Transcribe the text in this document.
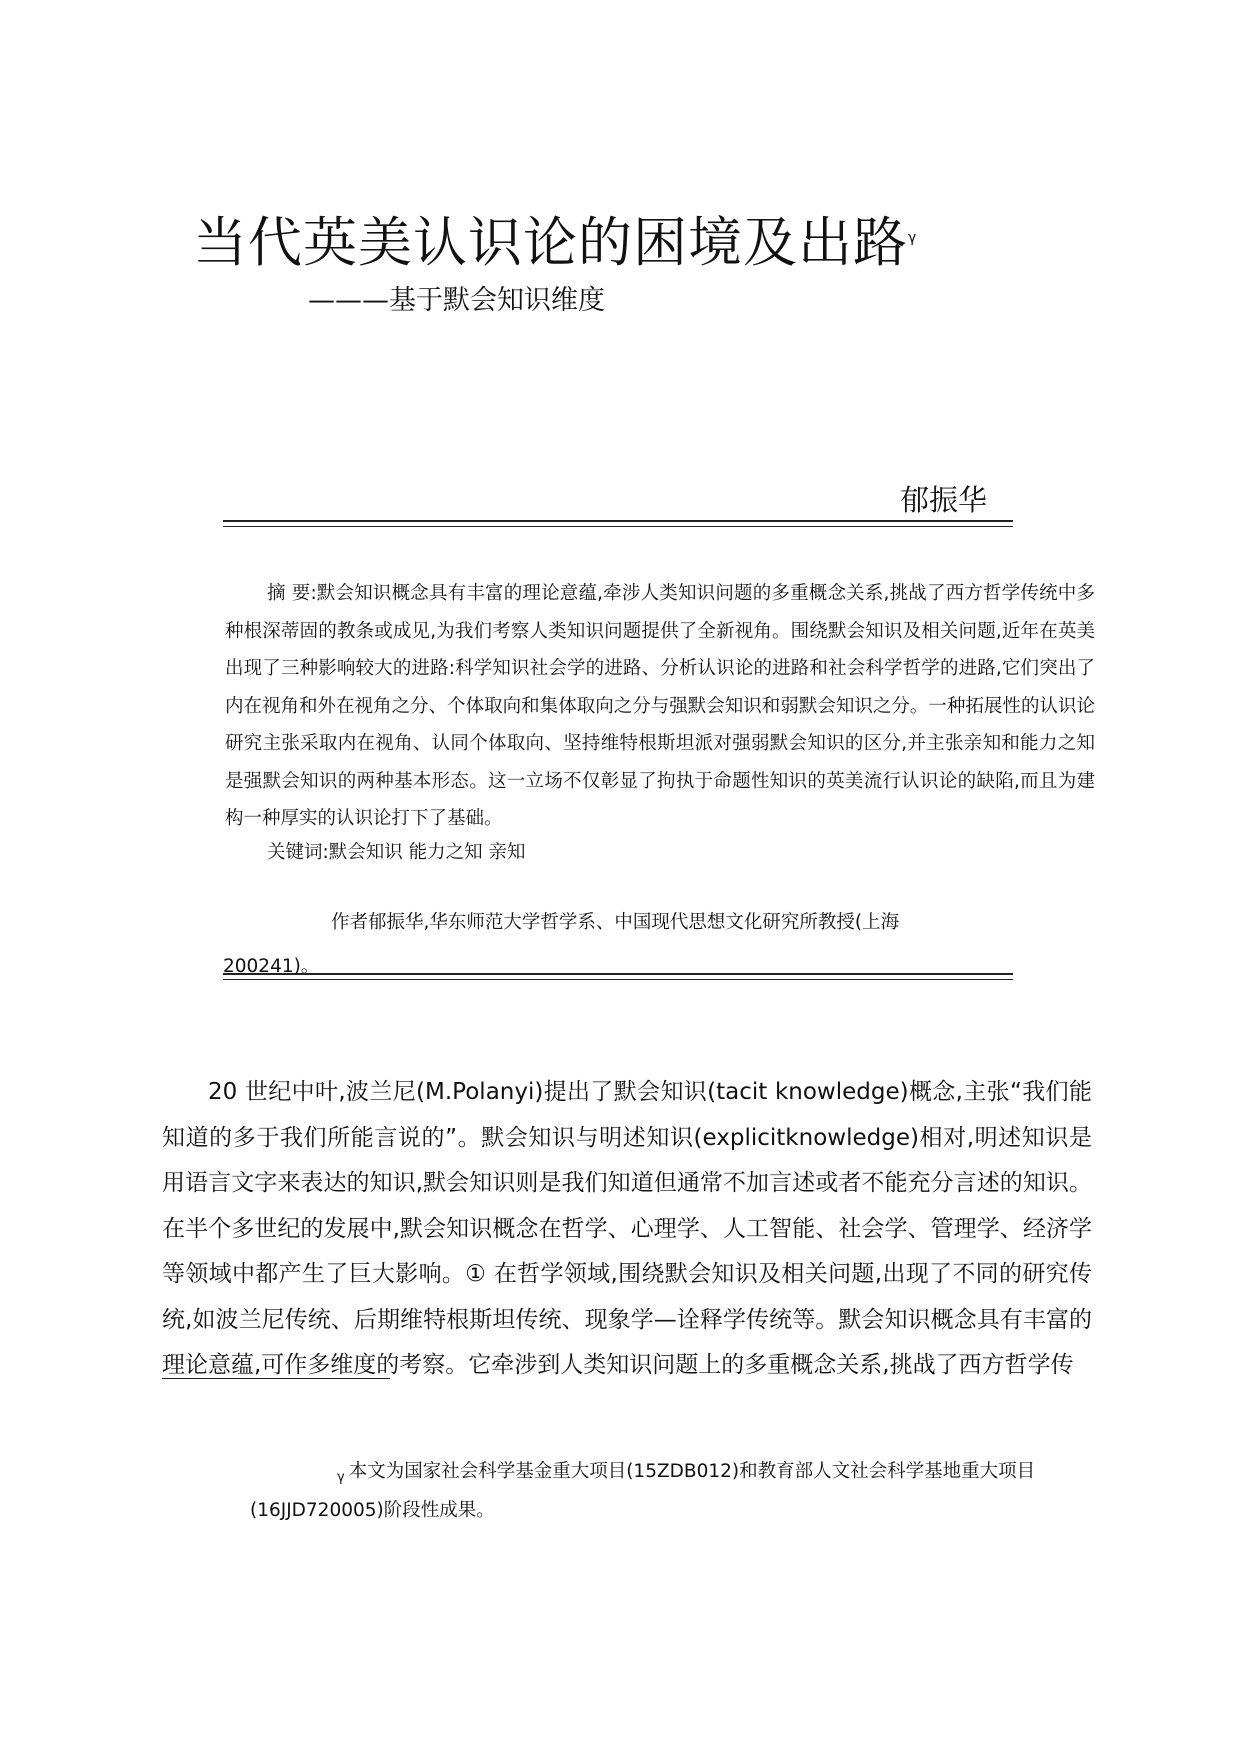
当代英美认识论的困境及出路$^\gamma$
———基于默会知识维度
郁振华

摘 要:默会知识概念具有丰富的理论意蕴,牵涉人类知识问题的多重概念关系,挑战了西方哲学传统中多种根深蒂固的教条或成见,为我们考察人类知识问题提供了全新视角。围绕默会知识及相关问题,近年在英美出现了三种影响较大的进路:科学知识社会学的进路、分析认识论的进路和社会科学哲学的进路,它们突出了内在视角和外在视角之分、个体取向和集体取向之分与强默会知识和弱默会知识之分。一种拓展性的认识论研究主张采取内在视角、认同个体取向、坚持维特根斯坦派对强弱默会知识的区分,并主张亲知和能力之知是强默会知识的两种基本形态。这一立场不仅彰显了拘执于命题性知识的英美流行认识论的缺陷,而且为建构一种厚实的认识论打下了基础。

关键词:默会知识 能力之知 亲知

作者郁振华,华东师范大学哲学系、中国现代思想文化研究所教授(上海 200241)。

20 世纪中叶,波兰尼(M.Polanyi)提出了默会知识(tacit knowledge)概念,主张“我们能知道的多于我们所能言说的”。默会知识与明述知识(explicitknowledge)相对,明述知识是用语言文字来表达的知识,默会知识则是我们知道但通常不加言述或者不能充分言述的知识。在半个多世纪的发展中,默会知识概念在哲学、心理学、人工智能、社会学、管理学、经济学等领域中都产生了巨大影响。① 在哲学领域,围绕默会知识及相关问题,出现了不同的研究传统,如波兰尼传统、后期维特根斯坦传统、现象学—诠释学传统等。默会知识概念具有丰富的理论意蕴,可作多维度的考察。它牵涉到人类知识问题上的多重概念关系,挑战了西方哲学传

$_\gamma$ 本文为国家社会科学基金重大项目(15ZDB012)和教育部人文社会科学基地重大项目(16JJD720005)阶段性成果。
